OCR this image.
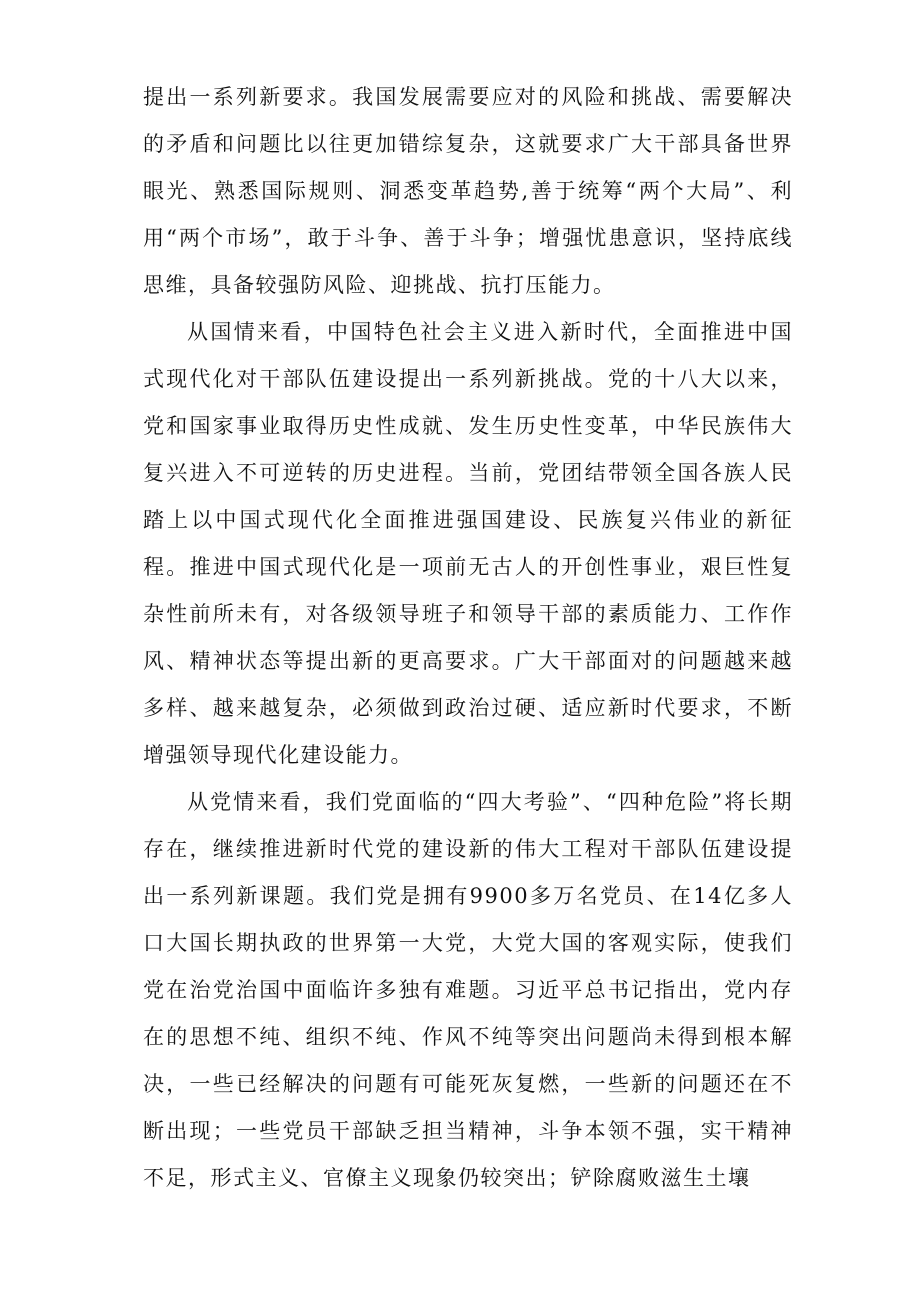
提出一系列新要求。我国发展需要应对的风险和挑战、需要解决的矛盾和问题比以往更加错综复杂，这就要求广大干部具备世界眼光、熟悉国际规则、洞悉变革趋势,善于统筹“两个大局”、利用“两个市场”，敢于斗争、善于斗争；增强忧患意识，坚持底线思维，具备较强防风险、迎挑战、抗打压能力。

从国情来看，中国特色社会主义进入新时代，全面推进中国式现代化对干部队伍建设提出一系列新挑战。党的十八大以来，党和国家事业取得历史性成就、发生历史性变革，中华民族伟大复兴进入不可逆转的历史进程。当前，党团结带领全国各族人民踏上以中国式现代化全面推进强国建设、民族复兴伟业的新征程。推进中国式现代化是一项前无古人的开创性事业，艰巨性复杂性前所未有，对各级领导班子和领导干部的素质能力、工作作风、精神状态等提出新的更高要求。广大干部面对的问题越来越多样、越来越复杂，必须做到政治过硬、适应新时代要求，不断增强领导现代化建设能力。

从党情来看，我们党面临的“四大考验”、“四种危险”将长期存在，继续推进新时代党的建设新的伟大工程对干部队伍建设提出一系列新课题。我们党是拥有9900多万名党员、在14亿多人口大国长期执政的世界第一大党，大党大国的客观实际，使我们党在治党治国中面临许多独有难题。习近平总书记指出，党内存在的思想不纯、组织不纯、作风不纯等突出问题尚未得到根本解决，一些已经解决的问题有可能死灰复燃，一些新的问题还在不断出现；一些党员干部缺乏担当精神，斗争本领不强，实干精神不足，形式主义、官僚主义现象仍较突出；铲除腐败滋生土壤
